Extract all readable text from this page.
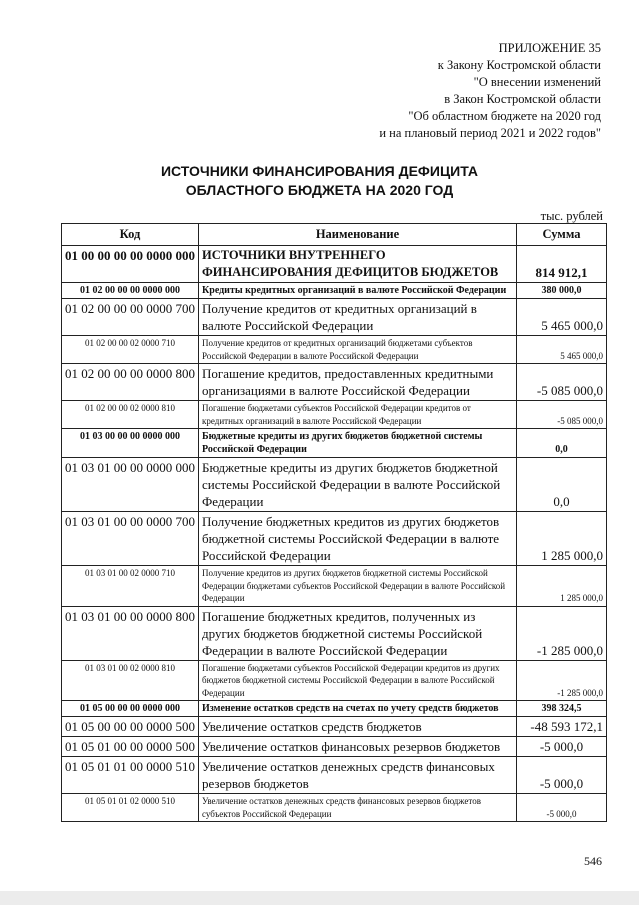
ПРИЛОЖЕНИЕ 35
к Закону Костромской области
"О внесении изменений
в Закон Костромской области
"Об областном бюджете на 2020 год
и на плановый период 2021 и 2022 годов"
ИСТОЧНИКИ ФИНАНСИРОВАНИЯ ДЕФИЦИТА
ОБЛАСТНОГО БЮДЖЕТА НА 2020 ГОД
тыс. рублей
Код	Наименование	Сумма
01 00 00 00 00 0000 000	ИСТОЧНИКИ ВНУТРЕННЕГО ФИНАНСИРОВАНИЯ ДЕФИЦИТОВ БЮДЖЕТОВ	814 912,1
01 02 00 00 00 0000 000	Кредиты кредитных организаций в валюте Российской Федерации	380 000,0
01 02 00 00 00 0000 700	Получение кредитов от кредитных организаций в валюте Российской Федерации	5 465 000,0
01 02 00 00 02 0000 710	Получение кредитов от кредитных организаций бюджетами субъектов Российской Федерации в валюте Российской Федерации	5 465 000,0
01 02 00 00 00 0000 800	Погашение кредитов, предоставленных кредитными организациями в валюте Российской Федерации	-5 085 000,0
01 02 00 00 02 0000 810	Погашение бюджетами субъектов Российской Федерации кредитов от кредитных организаций в валюте Российской Федерации	-5 085 000,0
01 03 00 00 00 0000 000	Бюджетные кредиты из других бюджетов бюджетной системы Российской Федерации	0,0
01 03 01 00 00 0000 000	Бюджетные кредиты из других бюджетов бюджетной системы Российской Федерации в валюте Российской Федерации	0,0
01 03 01 00 00 0000 700	Получение бюджетных кредитов из других бюджетов бюджетной системы Российской Федерации в валюте Российской Федерации	1 285 000,0
01 03 01 00 02 0000 710	Получение кредитов из других бюджетов бюджетной системы Российской Федерации бюджетами субъектов Российской Федерации в валюте Российской Федерации	1 285 000,0
01 03 01 00 00 0000 800	Погашение бюджетных кредитов, полученных из других бюджетов бюджетной системы Российской Федерации в валюте Российской Федерации	-1 285 000,0
01 03 01 00 02 0000 810	Погашение бюджетами субъектов Российской Федерации кредитов из других бюджетов бюджетной системы Российской Федерации в валюте Российской Федерации	-1 285 000,0
01 05 00 00 00 0000 000	Изменение остатков средств на счетах по учету средств бюджетов	398 324,5
01 05 00 00 00 0000 500	Увеличение остатков средств бюджетов	-48 593 172,1
01 05 01 00 00 0000 500	Увеличение остатков финансовых резервов бюджетов	-5 000,0
01 05 01 01 00 0000 510	Увеличение остатков денежных средств финансовых резервов бюджетов	-5 000,0
01 05 01 01 02 0000 510	Увеличение остатков денежных средств финансовых резервов бюджетов субъектов Российской Федерации	-5 000,0
546
